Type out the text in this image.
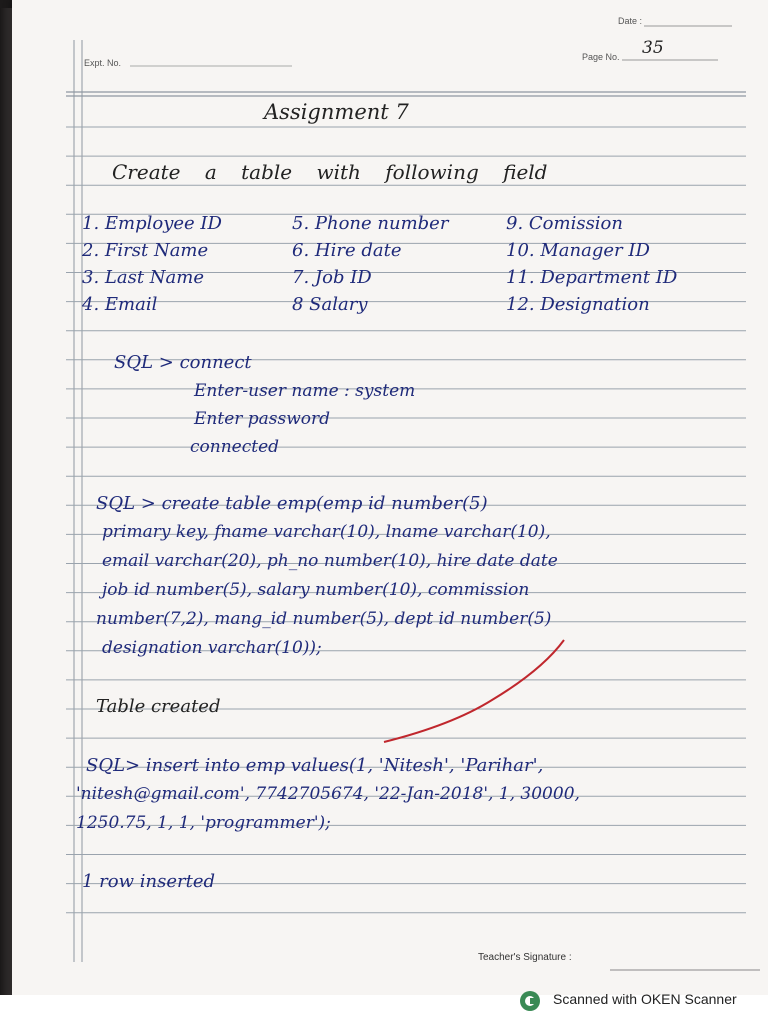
Date :
Expt. No.
Page No. 35
Assignment 7
Create a table with following field
1. Employee ID
2. First Name
3. Last Name
4. Email
5. Phone number
6. Hire date
7. Job ID
8 Salary
9. Comission
10. Manager ID
11. Department ID
12. Designation
SQL > connect
Enter-user name : system
Enter password
connected
SQL > create table emp(emp id number(5)
primary key, fname varchar(10), lname varchar(10),
email varchar(20), ph_no number(10), hire date date
job id number(5), salary number(10), commission
number(7,2), mang_id number(5), dept id number(5)
designation varchar(10));
Table created
SQL> insert into emp values(1, 'Nitesh', 'Parihar',
'nitesh@gmail.com', 7742705674, '22-Jan-2018', 1, 30000,
1250.75, 1, 1, 'programmer');
1 row inserted
Teacher's Signature :
Scanned with OKEN Scanner
